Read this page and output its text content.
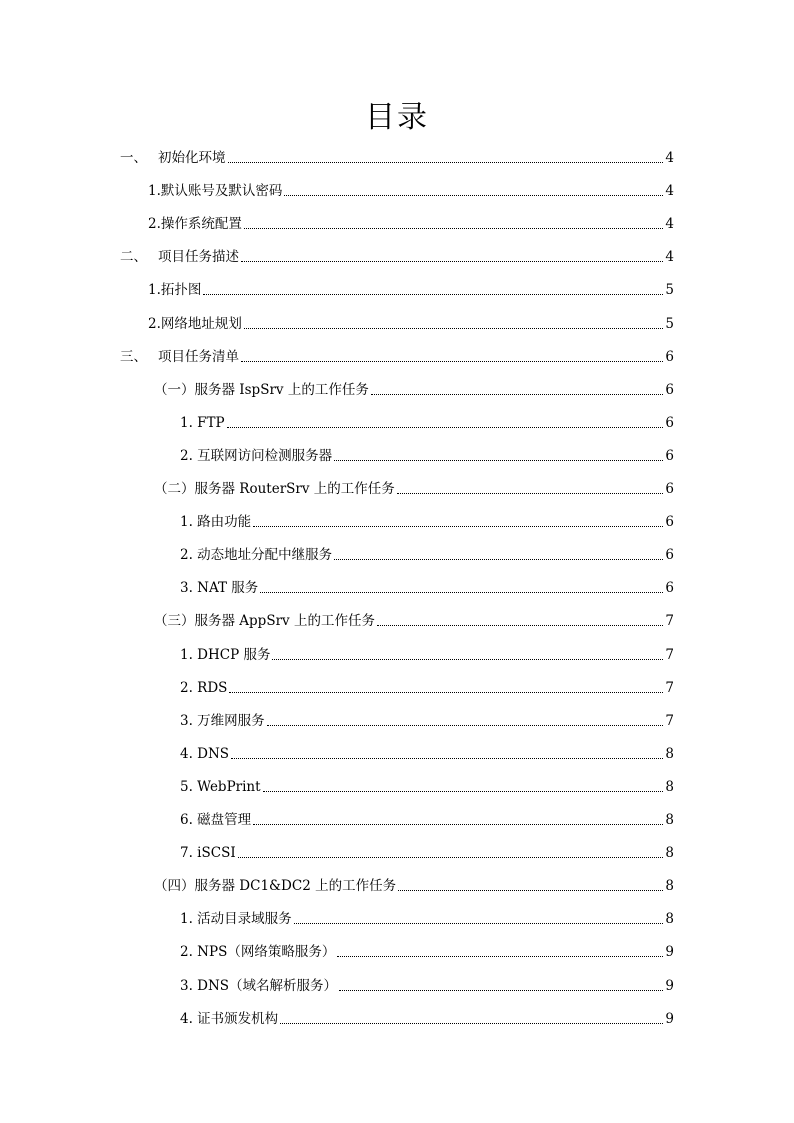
目录
一、 初始化环境	4
1.默认账号及默认密码	4
2.操作系统配置	4
二、 项目任务描述	4
1.拓扑图	5
2.网络地址规划	5
三、 项目任务清单	6
（一）服务器 IspSrv 上的工作任务	6
1. FTP	6
2. 互联网访问检测服务器	6
（二）服务器 RouterSrv 上的工作任务	6
1. 路由功能	6
2. 动态地址分配中继服务	6
3. NAT 服务	6
（三）服务器 AppSrv 上的工作任务	7
1. DHCP 服务	7
2. RDS	7
3. 万维网服务	7
4. DNS	8
5. WebPrint	8
6. 磁盘管理	8
7. iSCSI	8
（四）服务器 DC1&DC2 上的工作任务	8
1. 活动目录域服务	8
2. NPS（网络策略服务）	9
3. DNS（域名解析服务）	9
4. 证书颁发机构	9
